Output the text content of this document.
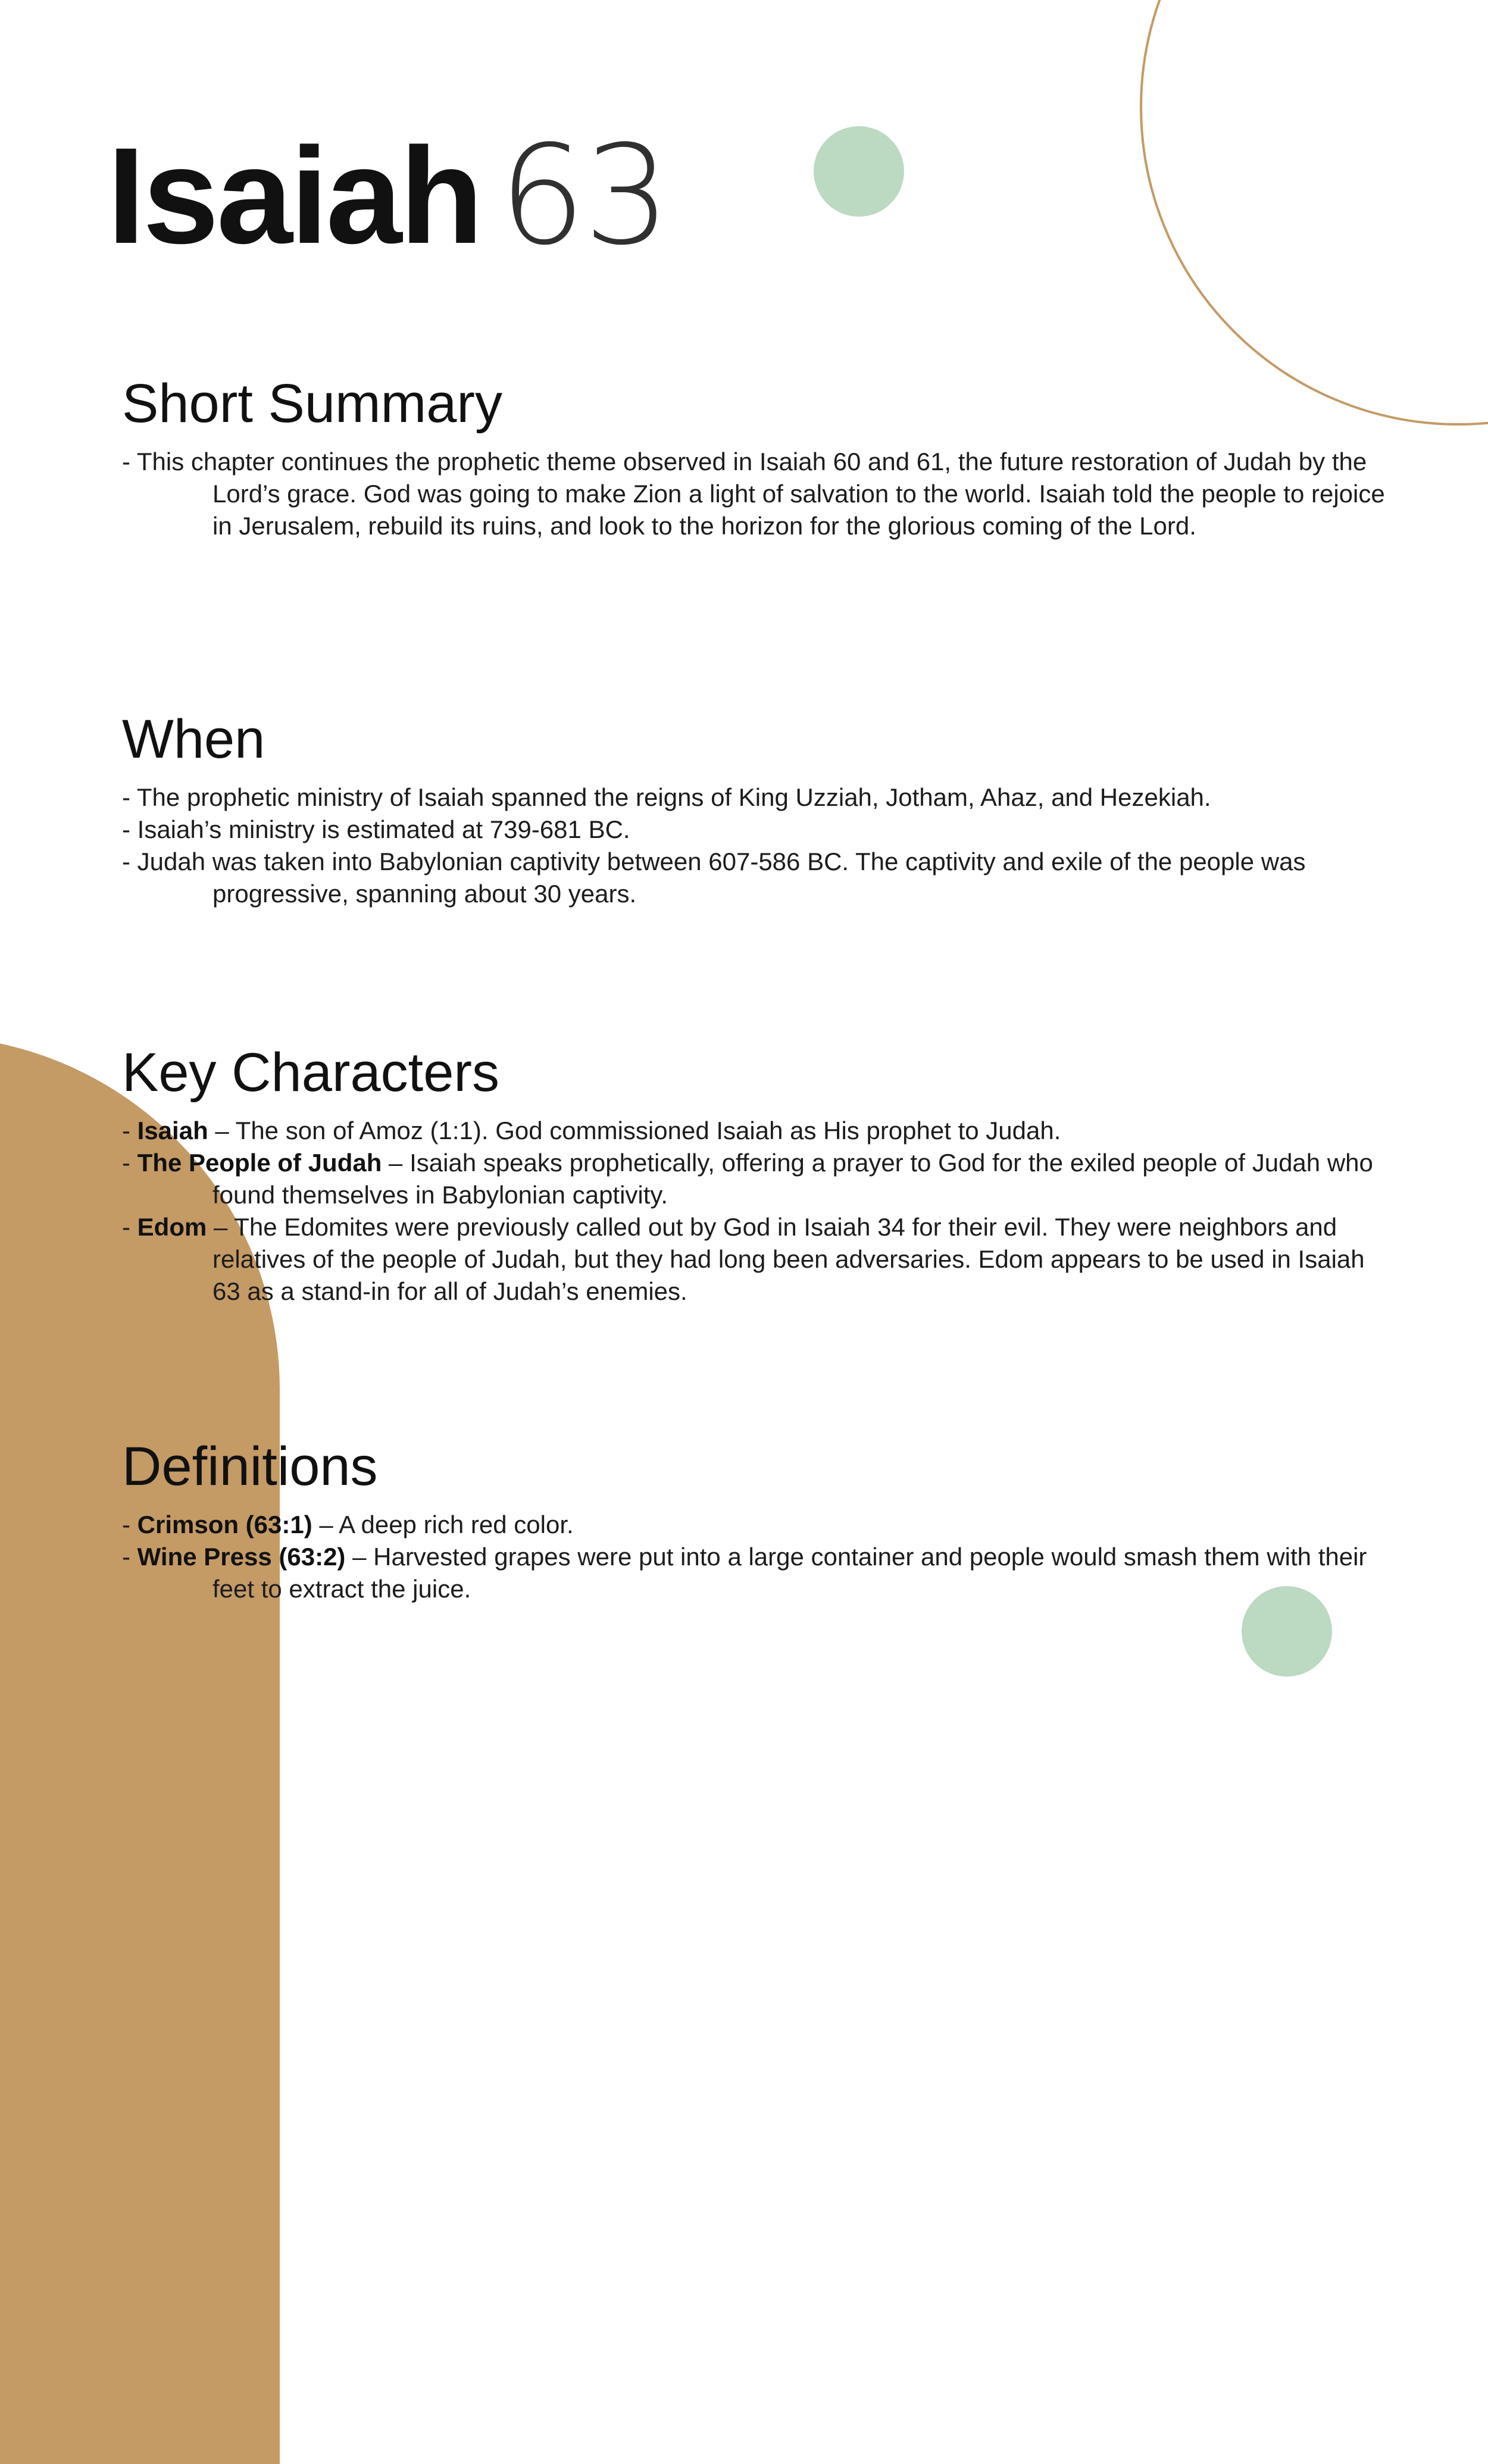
Isaiah 63
Short Summary
- This chapter continues the prophetic theme observed in Isaiah 60 and 61, the future restoration of Judah by the Lord’s grace. God was going to make Zion a light of salvation to the world. Isaiah told the people to rejoice in Jerusalem, rebuild its ruins, and look to the horizon for the glorious coming of the Lord.
When
- The prophetic ministry of Isaiah spanned the reigns of King Uzziah, Jotham, Ahaz, and Hezekiah.
- Isaiah’s ministry is estimated at 739-681 BC.
- Judah was taken into Babylonian captivity between 607-586 BC. The captivity and exile of the people was progressive, spanning about 30 years.
Key Characters
- Isaiah – The son of Amoz (1:1). God commissioned Isaiah as His prophet to Judah.
- The People of Judah – Isaiah speaks prophetically, offering a prayer to God for the exiled people of Judah who found themselves in Babylonian captivity.
- Edom – The Edomites were previously called out by God in Isaiah 34 for their evil. They were neighbors and relatives of the people of Judah, but they had long been adversaries. Edom appears to be used in Isaiah 63 as a stand-in for all of Judah’s enemies.
Definitions
- Crimson (63:1) – A deep rich red color.
- Wine Press (63:2) – Harvested grapes were put into a large container and people would smash them with their feet to extract the juice.
